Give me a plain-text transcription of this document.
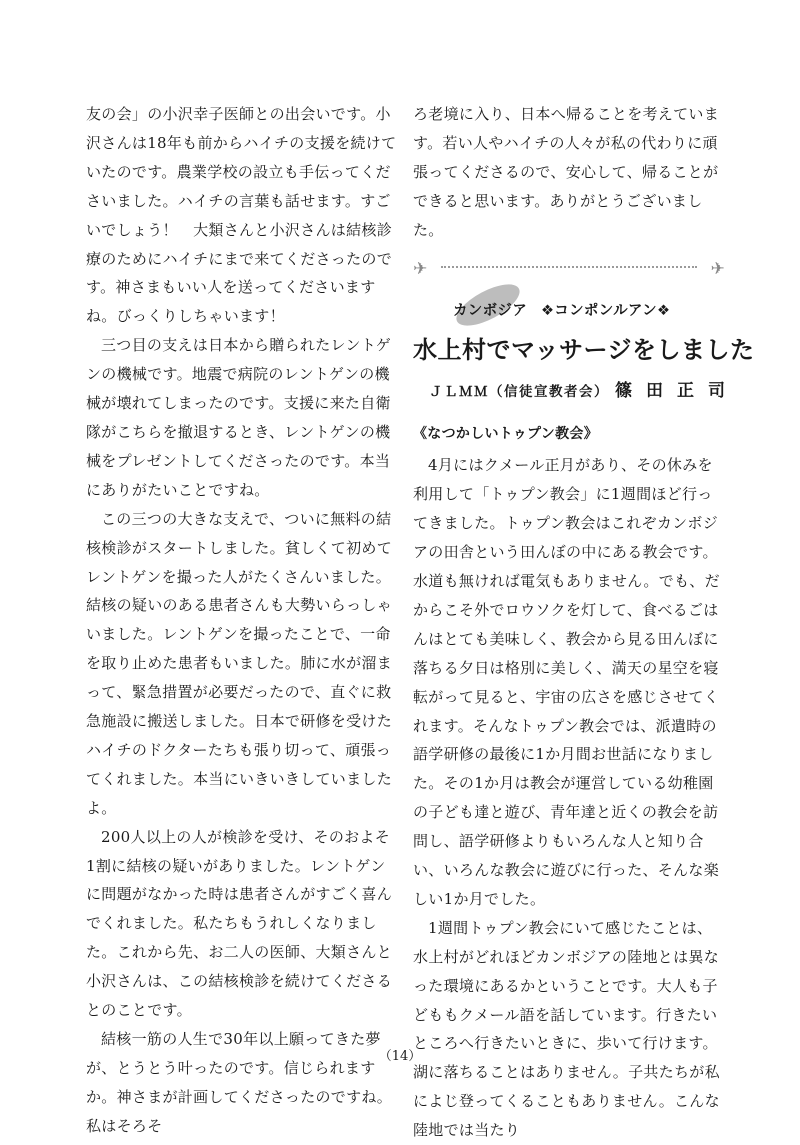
友の会」の小沢幸子医師との出会いです。小沢さんは18年も前からハイチの支援を続けていたのです。農業学校の設立も手伝ってくださいました。ハイチの言葉も話せます。すごいでしょう！　大類さんと小沢さんは結核診療のためにハイチにまで来てくださったのです。神さまもいい人を送ってくださいますね。びっくりしちゃいます！

三つ目の支えは日本から贈られたレントゲンの機械です。地震で病院のレントゲンの機械が壊れてしまったのです。支援に来た自衛隊がこちらを撤退するとき、レントゲンの機械をプレゼントしてくださったのです。本当にありがたいことですね。

この三つの大きな支えで、ついに無料の結核検診がスタートしました。貧しくて初めてレントゲンを撮った人がたくさんいました。結核の疑いのある患者さんも大勢いらっしゃいました。レントゲンを撮ったことで、一命を取り止めた患者もいました。肺に水が溜まって、緊急措置が必要だったので、直ぐに救急施設に搬送しました。日本で研修を受けたハイチのドクターたちも張り切って、頑張ってくれました。本当にいきいきしていましたよ。

200人以上の人が検診を受け、そのおよそ1割に結核の疑いがありました。レントゲンに問題がなかった時は患者さんがすごく喜んでくれました。私たちもうれしくなりました。これから先、お二人の医師、大類さんと小沢さんは、この結核検診を続けてくださるとのことです。

結核一筋の人生で30年以上願ってきた夢が、とうとう叶ったのです。信じられますか。神さまが計画してくださったのですね。私はそろそ

ろ老境に入り、日本へ帰ることを考えています。若い人やハイチの人々が私の代わりに頑張ってくださるので、安心して、帰ることができると思います。ありがとうございました。

✈	✈
カンボジア ❖コンポンルアン❖
水上村でマッサージをしました
ＪＬＭＭ（信徒宣教者会） 篠田正司
《なつかしいトゥプン教会》

4月にはクメール正月があり、その休みを利用して「トゥプン教会」に1週間ほど行ってきました。トゥプン教会はこれぞカンボジアの田舎という田んぼの中にある教会です。水道も無ければ電気もありません。でも、だからこそ外でロウソクを灯して、食べるごはんはとても美味しく、教会から見る田んぼに落ちる夕日は格別に美しく、満天の星空を寝転がって見ると、宇宙の広さを感じさせてくれます。そんなトゥプン教会では、派遣時の語学研修の最後に1か月間お世話になりました。その1か月は教会が運営している幼稚園の子ども達と遊び、青年達と近くの教会を訪問し、語学研修よりもいろんな人と知り合い、いろんな教会に遊びに行った、そんな楽しい1か月でした。

1週間トゥプン教会にいて感じたことは、水上村がどれほどカンボジアの陸地とは異なった環境にあるかということです。大人も子どももクメール語を話しています。行きたいところへ行きたいときに、歩いて行けます。湖に落ちることはありません。子共たちが私によじ登ってくることもありません。こんな陸地では当たり

（14）
